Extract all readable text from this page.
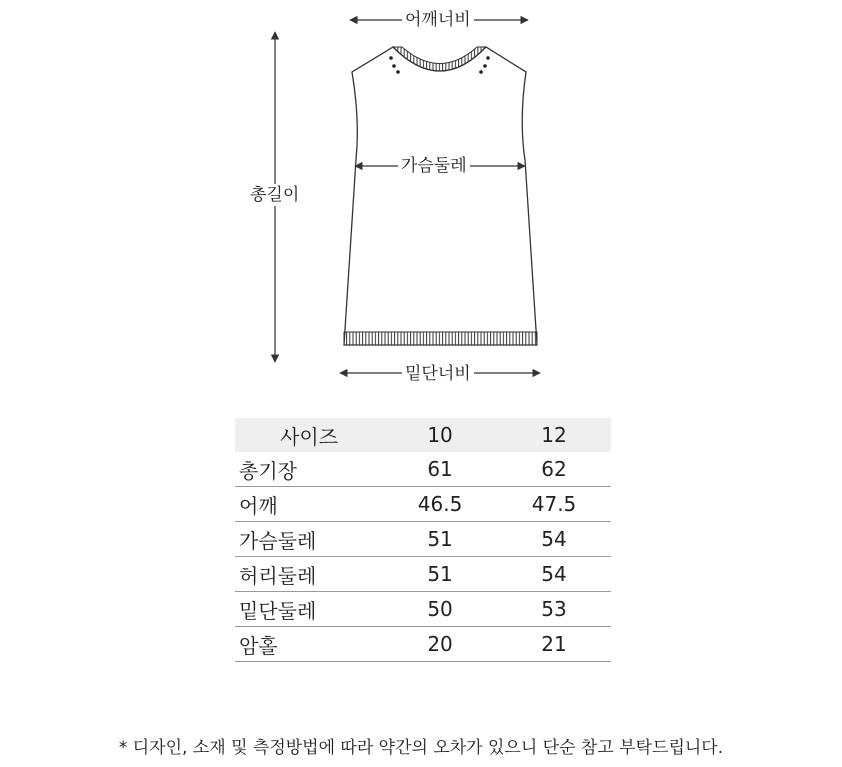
어깨너비
가슴둘레
총길이
밑단너비
사이즈	10	12
총기장	61	62
어깨	46.5	47.5
가슴둘레	51	54
허리둘레	51	54
밑단둘레	50	53
암홀	20	21
* 디자인, 소재 및 측정방법에 따라 약간의 오차가 있으니 단순 참고 부탁드립니다.
